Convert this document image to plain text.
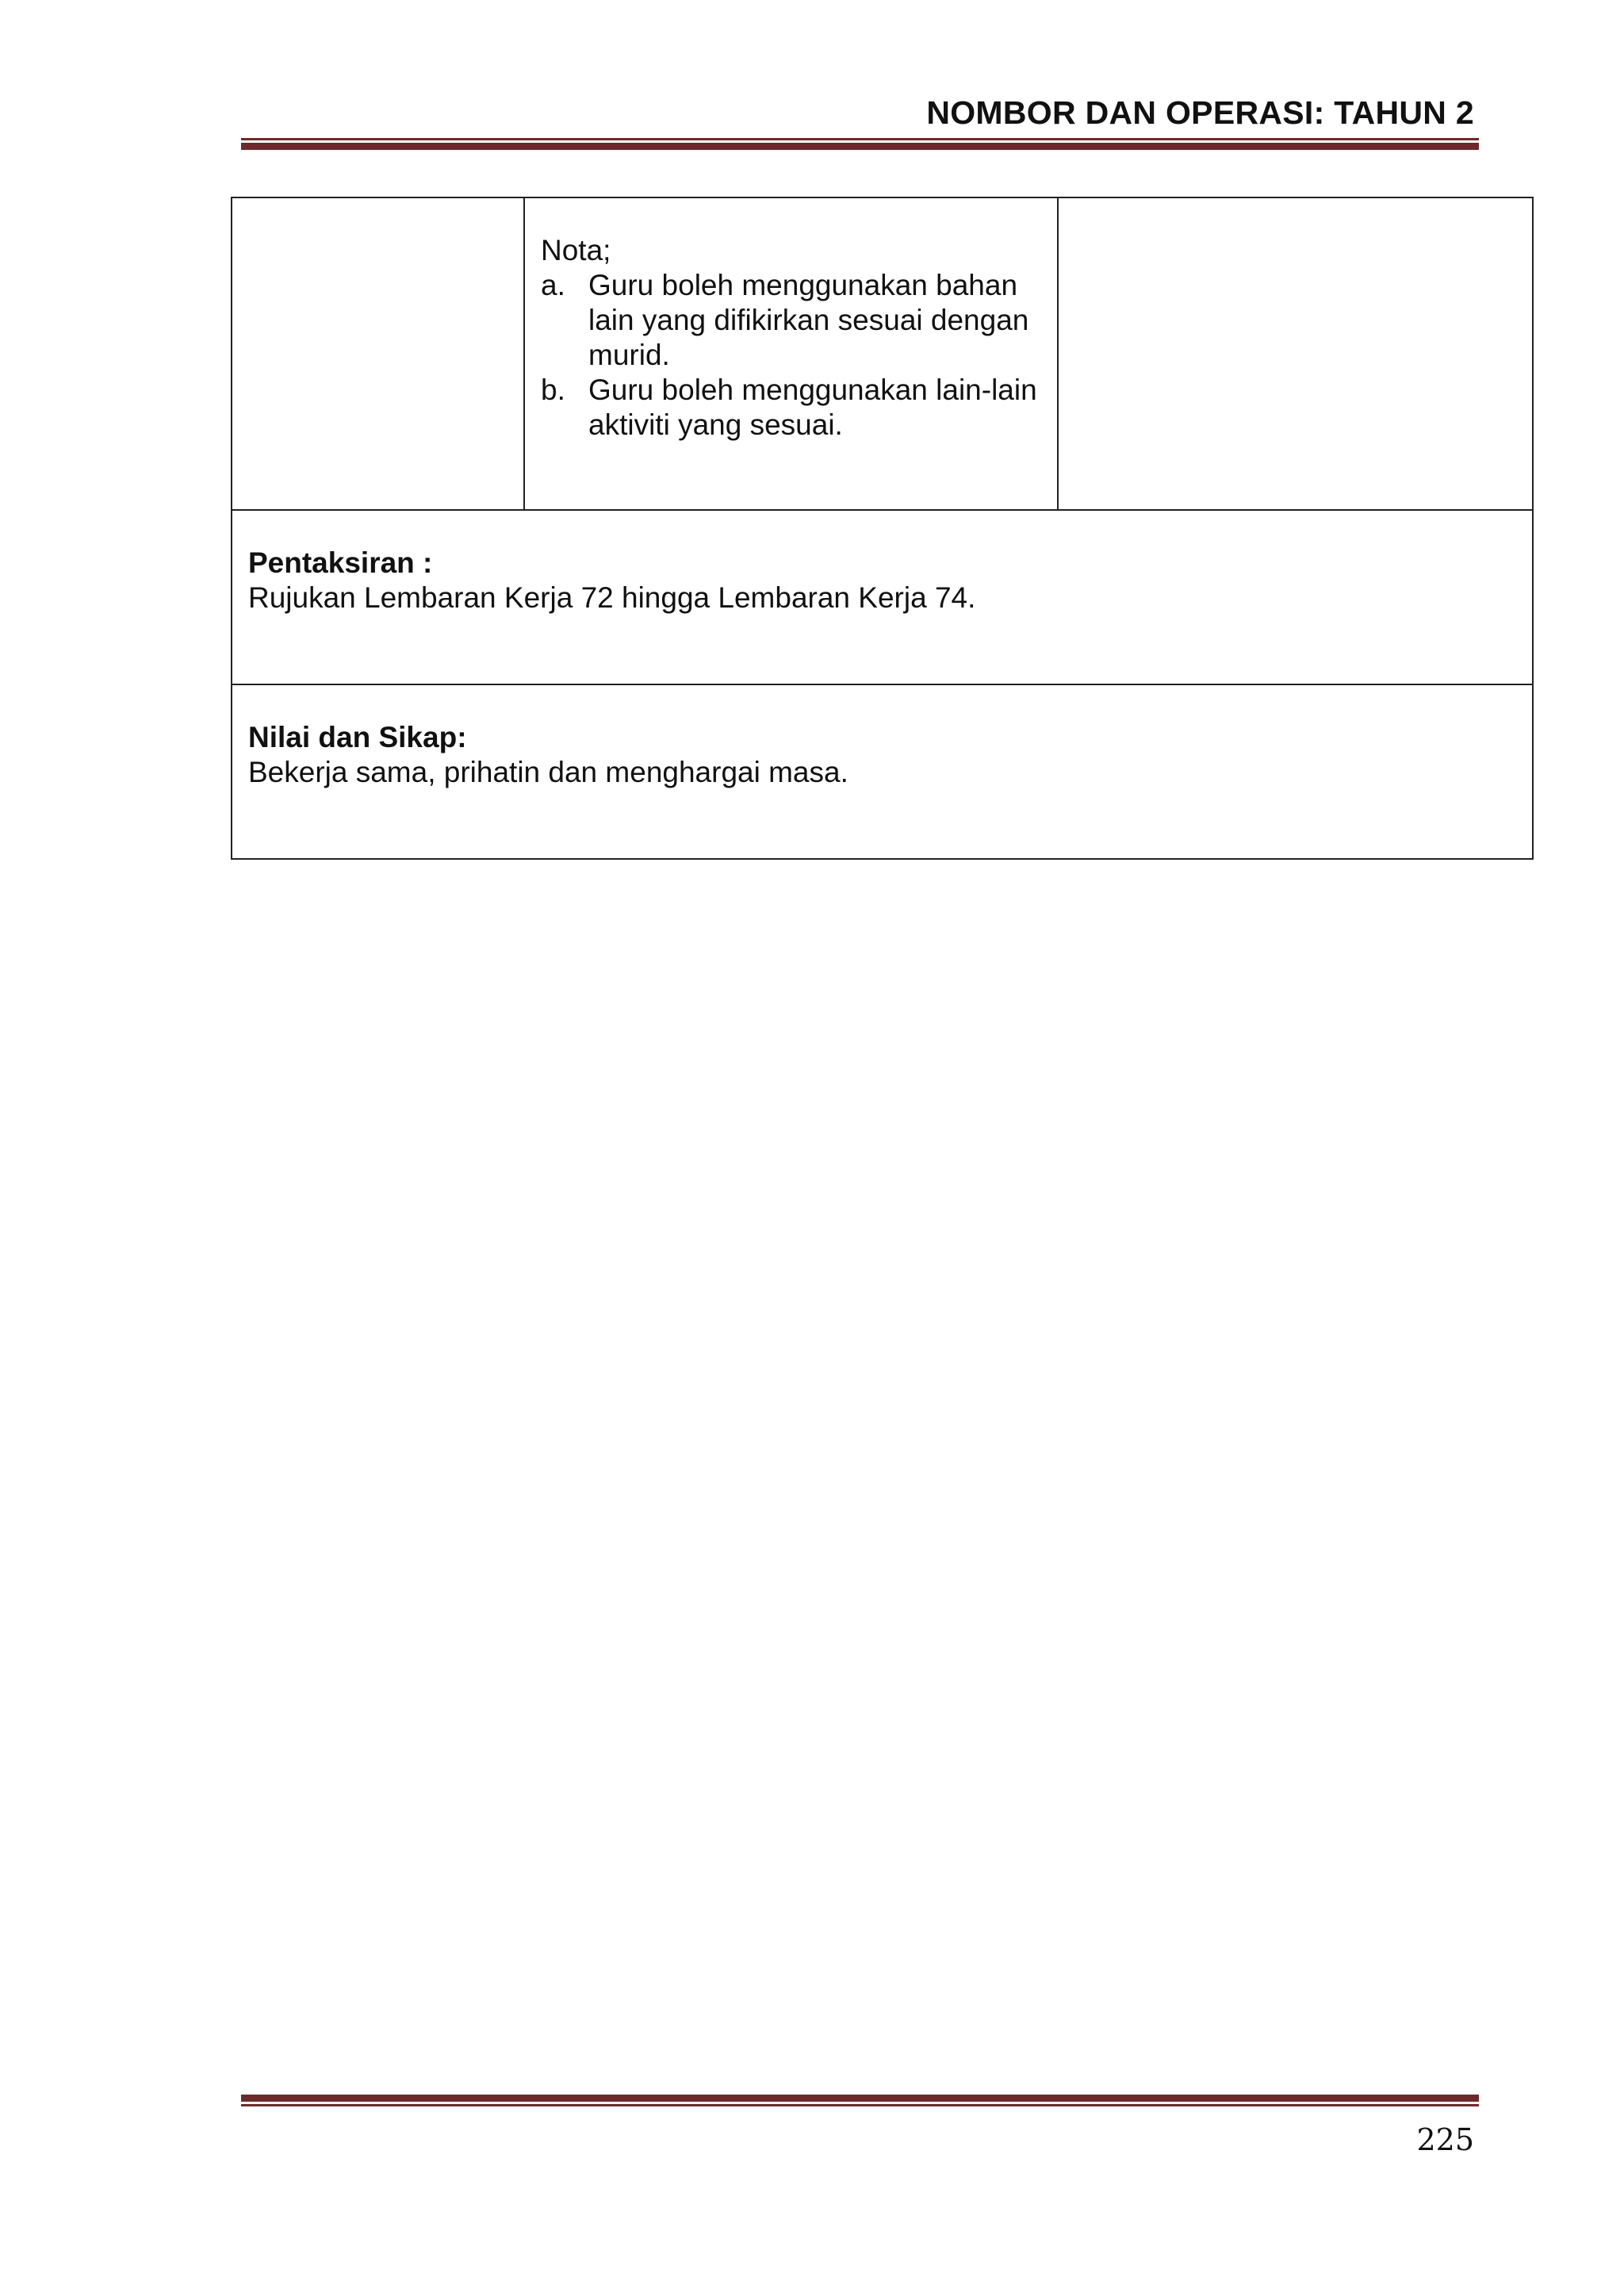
NOMBOR DAN OPERASI: TAHUN 2

Nota;
a. Guru boleh menggunakan bahan lain yang difikirkan sesuai dengan murid.
b. Guru boleh menggunakan lain-lain aktiviti yang sesuai.

Pentaksiran :
Rujukan Lembaran Kerja 72 hingga Lembaran Kerja 74.

Nilai dan Sikap:
Bekerja sama, prihatin dan menghargai masa.
225
